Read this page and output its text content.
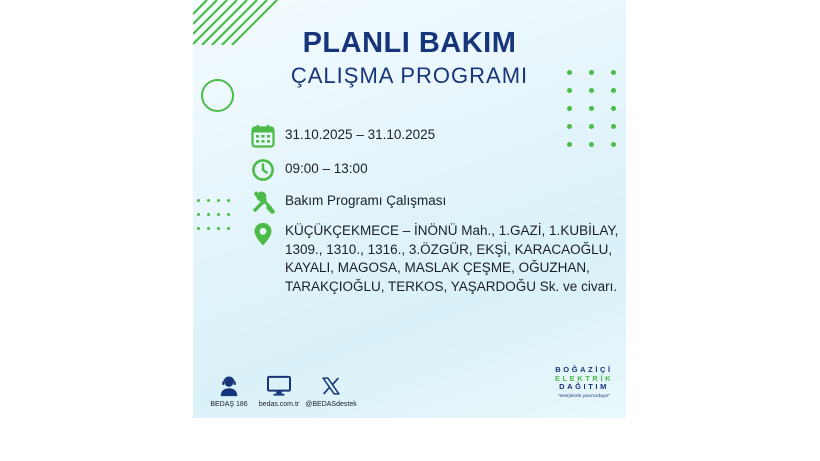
PLANLI BAKIM
ÇALIŞMA PROGRAMI
31.10.2025 – 31.10.2025
09:00 – 13:00
Bakım Programı Çalışması
KÜÇÜKÇEKMECE – İNÖNÜ Mah., 1.GAZİ, 1.KUBİLAY,
1309., 1310., 1316., 3.ÖZGÜR, EKŞİ, KARACAOĞLU,
KAYALI, MAGOSA, MASLAK ÇEŞME, OĞUZHAN,
TARAKÇIOĞLU, TERKOS, YAŞARDOĞU Sk. ve civarı.
BEDAŞ 186	bedas.com.tr @BEDASdestek
BOĞAZİÇİ
ELEKTRİK
DAĞITIM
"enerjimizle yanınızdayız"
